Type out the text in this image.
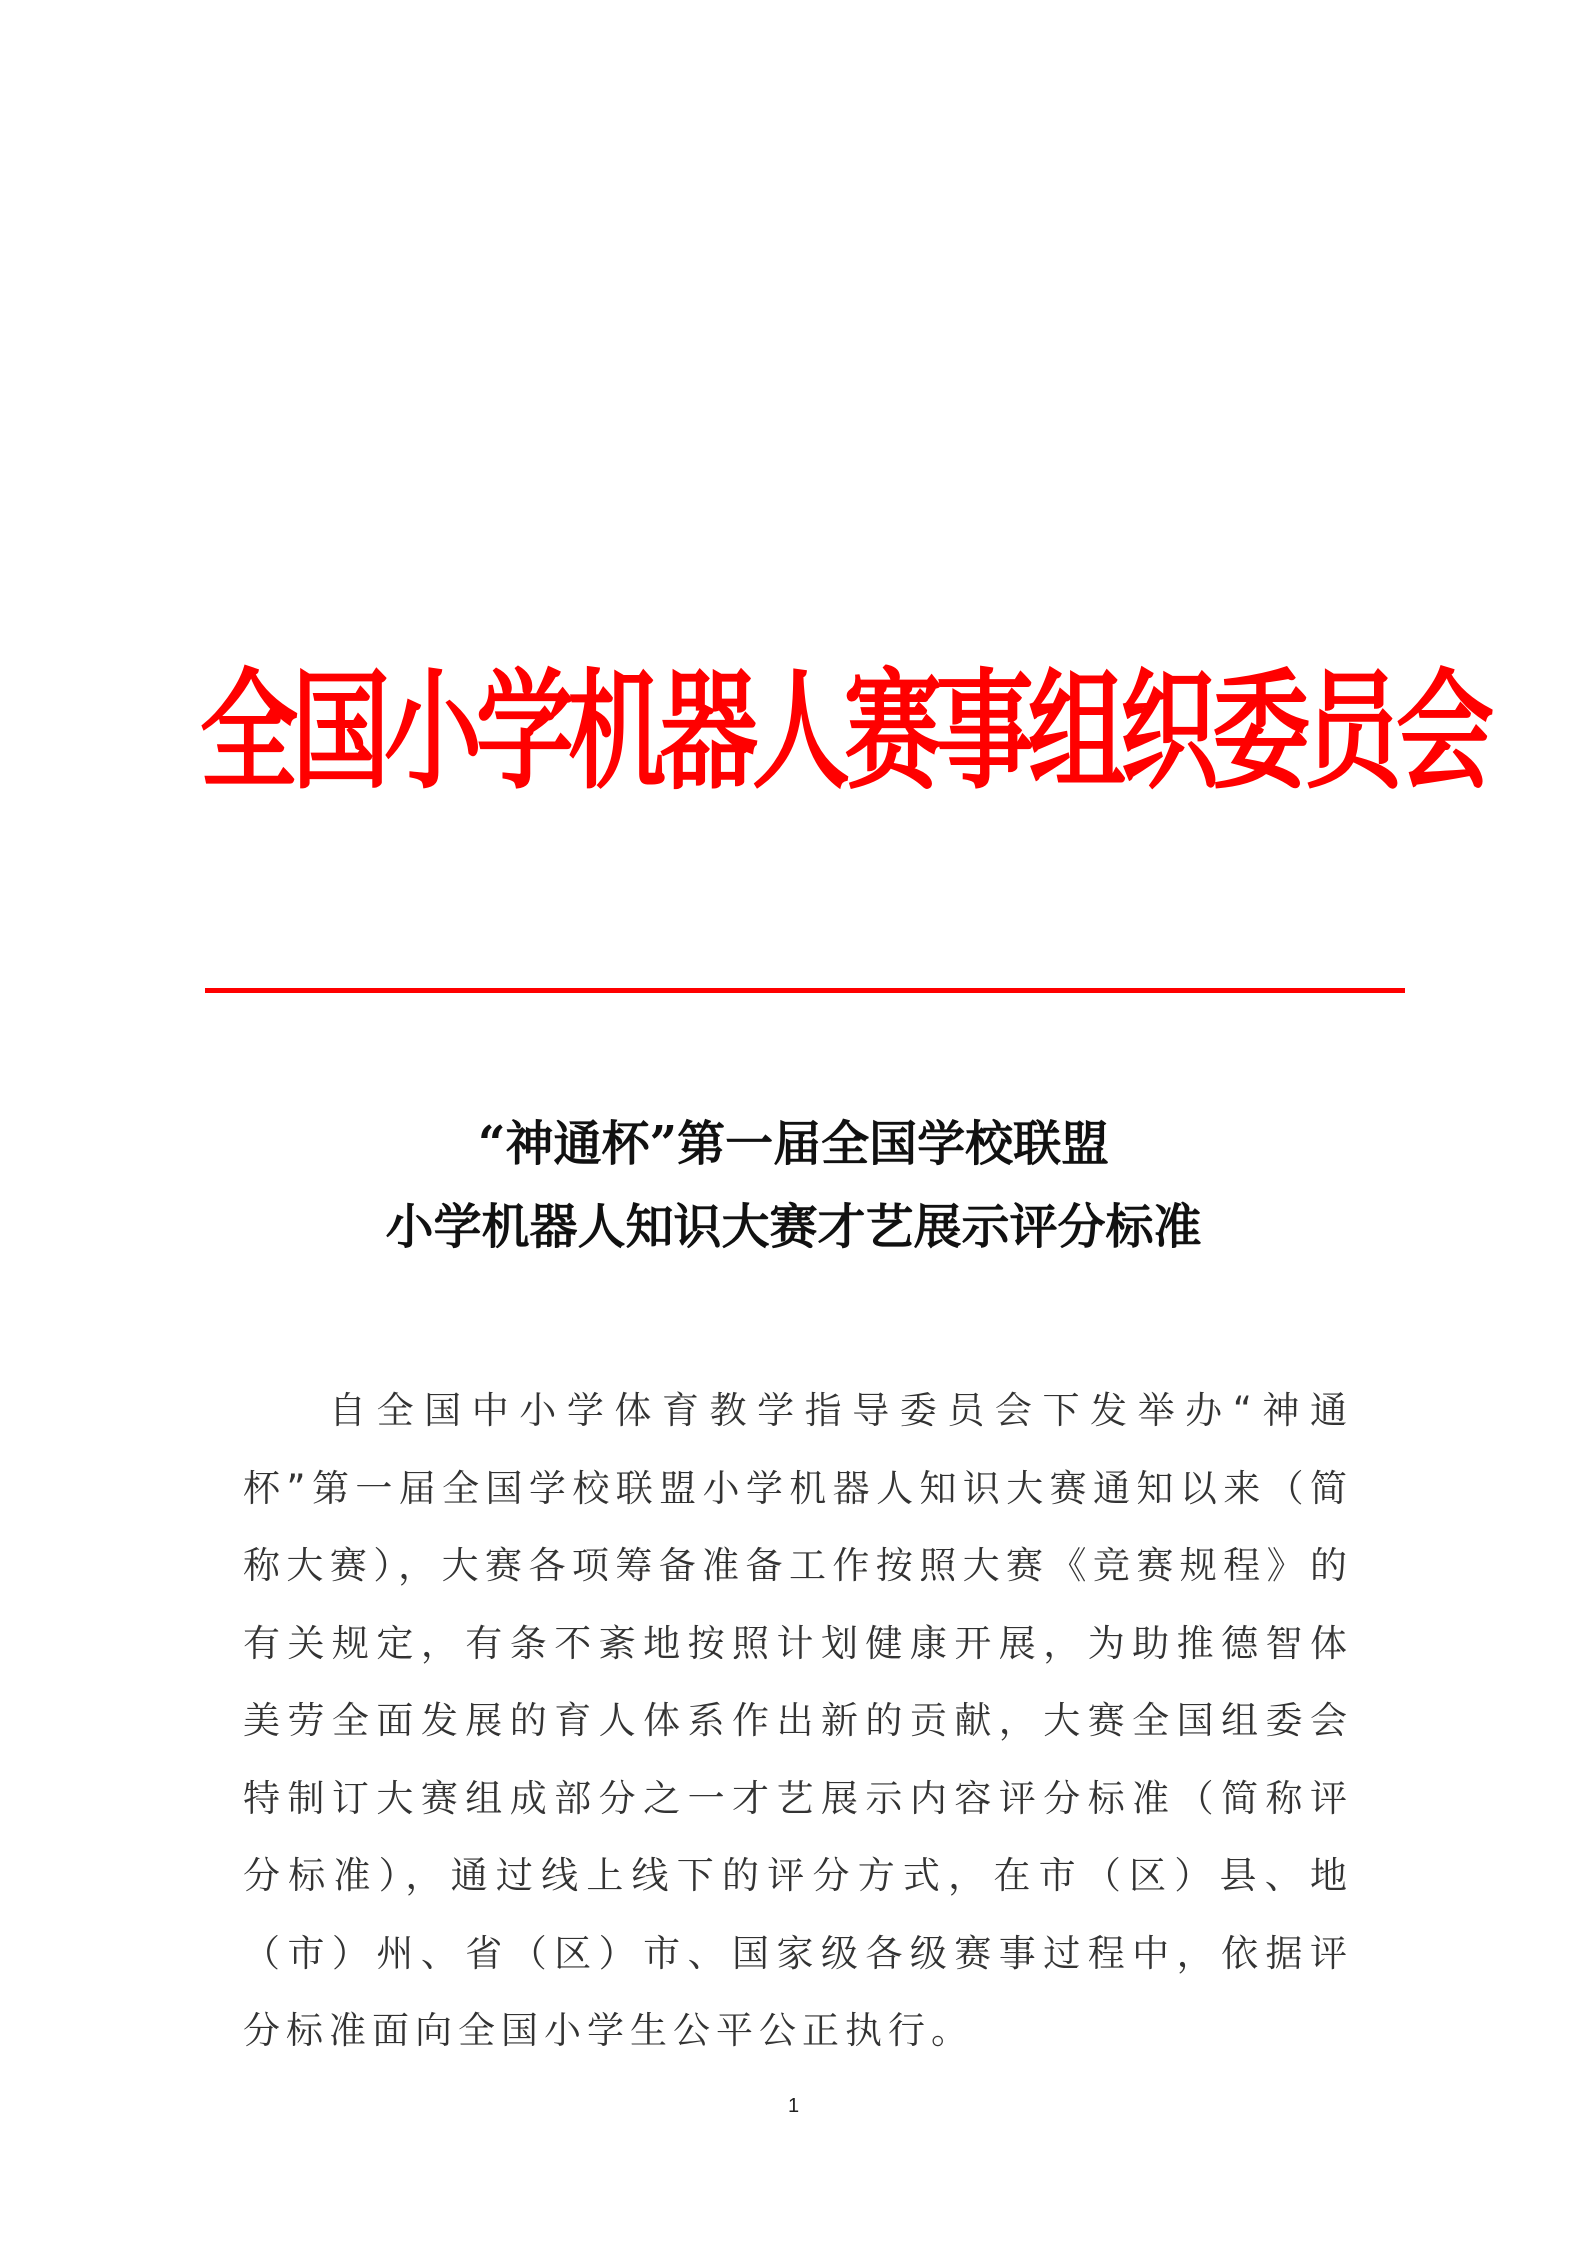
全国小学机器人赛事组织委员会
“神通杯”第一届全国学校联盟
小学机器人知识大赛才艺展示评分标准

自全国中小学体育教学指导委员会下发举办“神通杯”第一届全国学校联盟小学机器人知识大赛通知以来（简称大赛），大赛各项筹备准备工作按照大赛《竞赛规程》的有关规定，有条不紊地按照计划健康开展，为助推德智体美劳全面发展的育人体系作出新的贡献，大赛全国组委会特制订大赛组成部分之一才艺展示内容评分标准（简称评分标准），通过线上线下的评分方式，在市（区）县、地（市）州、省（区）市、国家级各级赛事过程中，依据评分标准面向全国小学生公平公正执行。

1
